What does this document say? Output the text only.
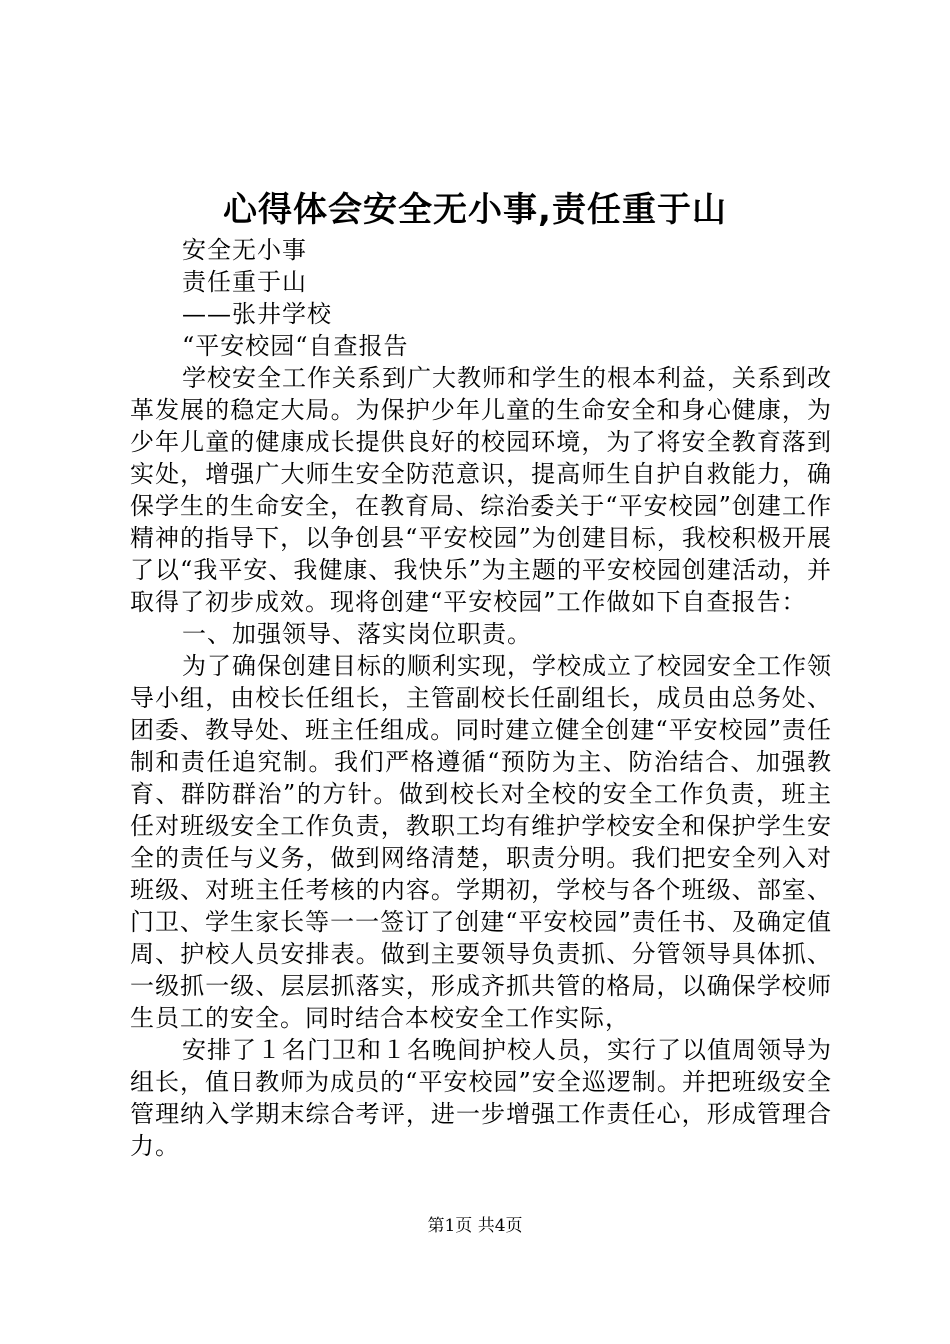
心得体会安全无小事,责任重于山

安全无小事

责任重于山

——张井学校

“平安校园“自查报告

学校安全工作关系到广大教师和学生的根本利益，关系到改革发展的稳定大局。为保护少年儿童的生命安全和身心健康，为少年儿童的健康成长提供良好的校园环境，为了将安全教育落到实处，增强广大师生安全防范意识，提高师生自护自救能力，确保学生的生命安全，在教育局、综治委关于“平安校园”创建工作精神的指导下，以争创县“平安校园”为创建目标，我校积极开展了以“我平安、我健康、我快乐”为主题的平安校园创建活动，并取得了初步成效。现将创建“平安校园”工作做如下自查报告：

一、加强领导、落实岗位职责。

为了确保创建目标的顺利实现，学校成立了校园安全工作领导小组，由校长任组长，主管副校长任副组长，成员由总务处、团委、教导处、班主任组成。同时建立健全创建“平安校园”责任制和责任追究制。我们严格遵循“预防为主、防治结合、加强教育、群防群治”的方针。做到校长对全校的安全工作负责，班主任对班级安全工作负责，教职工均有维护学校安全和保护学生安全的责任与义务，做到网络清楚，职责分明。我们把安全列入对班级、对班主任考核的内容。学期初，学校与各个班级、部室、门卫、学生家长等一一签订了创建“平安校园”责任书、及确定值周、护校人员安排表。做到主要领导负责抓、分管领导具体抓、一级抓一级、层层抓落实，形成齐抓共管的格局，以确保学校师生员工的安全。同时结合本校安全工作实际，

安排了１名门卫和１名晚间护校人员，实行了以值周领导为组长，值日教师为成员的“平安校园”安全巡逻制。并把班级安全管理纳入学期末综合考评，进一步增强工作责任心，形成管理合力。

第1页 共4页
